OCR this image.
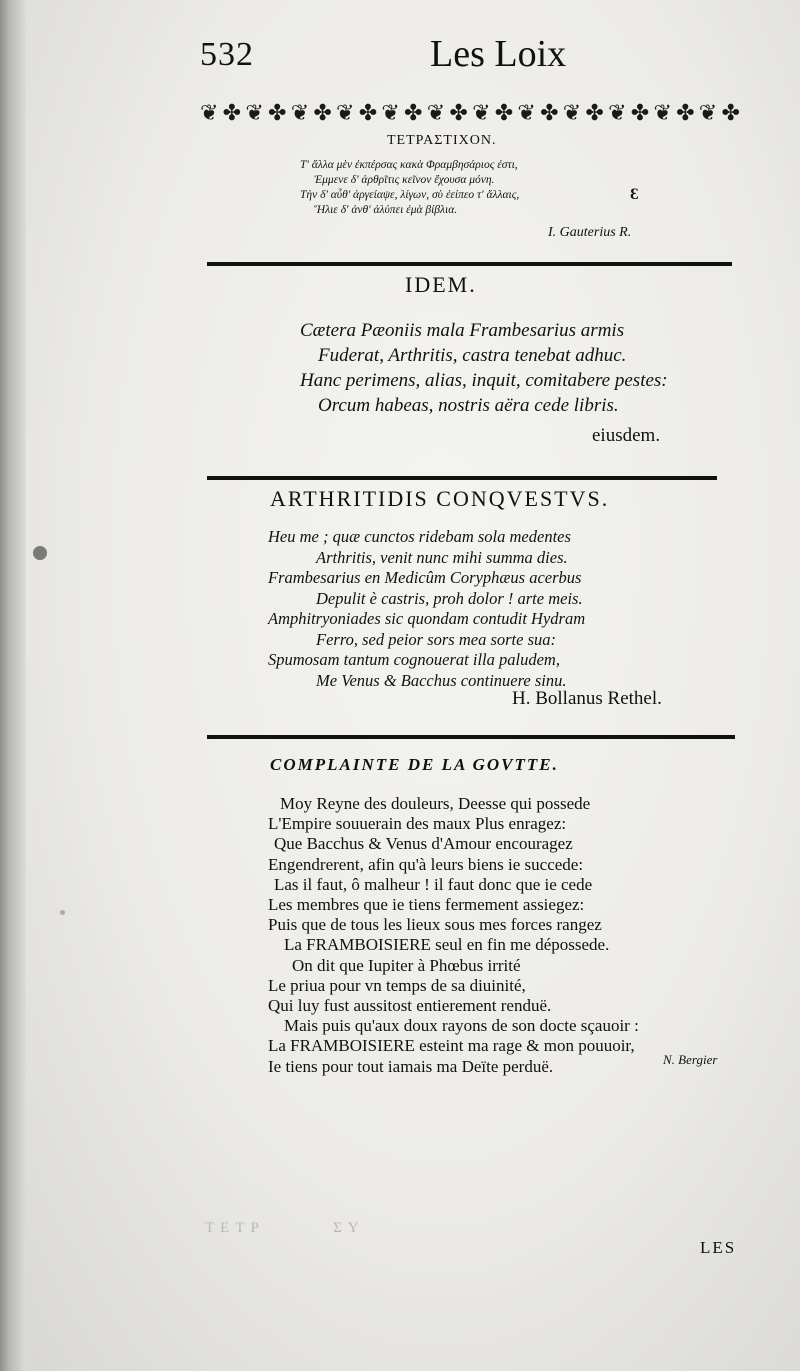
532	Les Loix
❦ ✤ ❦ ✤ ❦ ✤ ❦ ✤ ❦ ✤ ❦ ✤ ❦ ✤ ❦ ✤ ❦ ✤ ❦ ✤ ❦ ✤ ❦ ✤
ΤΕΤΡΑΣΤΙΧΟΝ.
Τ' ἄλλα μὲν ἐκπέρσας κακὰ Φραμβησάριος ἐστι,
Ἐμμενε δ' ἀρθρῖτις κεῖνον ἔχουσα μόνη.
Τὴν δ' αὖθ' ἀργείαψε, λίγων, σὺ ἐείπεο τ' ἄλλαις,
Ἥλιε δ' ἀνθ' ἀλύπει ἐμὰ βίβλια.
Ɛ
I. Gauterius R.
IDEM.
Cætera Pæoniis mala Frambesarius armis
Fuderat, Arthritis, castra tenebat adhuc.
Hanc perimens, alias, inquit, comitabere pestes:
Orcum habeas, nostris aëra cede libris.
eiusdem.
ARTHRITIDIS CONQVESTVS.
Heu me ; quæ cunctos ridebam sola medentes
Arthritis, venit nunc mihi summa dies.
Frambesarius en Medicûm Coryphæus acerbus
Depulit è castris, proh dolor ! arte meis.
Amphitryoniades sic quondam contudit Hydram
Ferro, sed peior sors mea sorte sua:
Spumosam tantum cognouerat illa paludem,
Me Venus & Bacchus continuere sinu.
H. Bollanus Rethel.
COMPLAINTE DE LA GOVTTE.
Moy Reyne des douleurs, Deesse qui possede
L'Empire souuerain des maux Plus enragez:
Que Bacchus & Venus d'Amour encouragez
Engendrerent, afin qu'à leurs biens ie succede:
Las il faut, ô malheur ! il faut donc que ie cede
Les membres que ie tiens fermement assiegez:
Puis que de tous les lieux sous mes forces rangez
La FRAMBOISIERE seul en fin me dépossede.
On dit que Iupiter à Phœbus irrité
Le priua pour vn temps de sa diuinité,
Qui luy fust aussitost entierement renduë.
Mais puis qu'aux doux rayons de son docte sçauoir :
La FRAMBOISIERE esteint ma rage & mon pouuoir,
Ie tiens pour tout iamais ma Deïte perduë.	N. Bergier
ΤΕΤΡ       ΣΥ
LES
